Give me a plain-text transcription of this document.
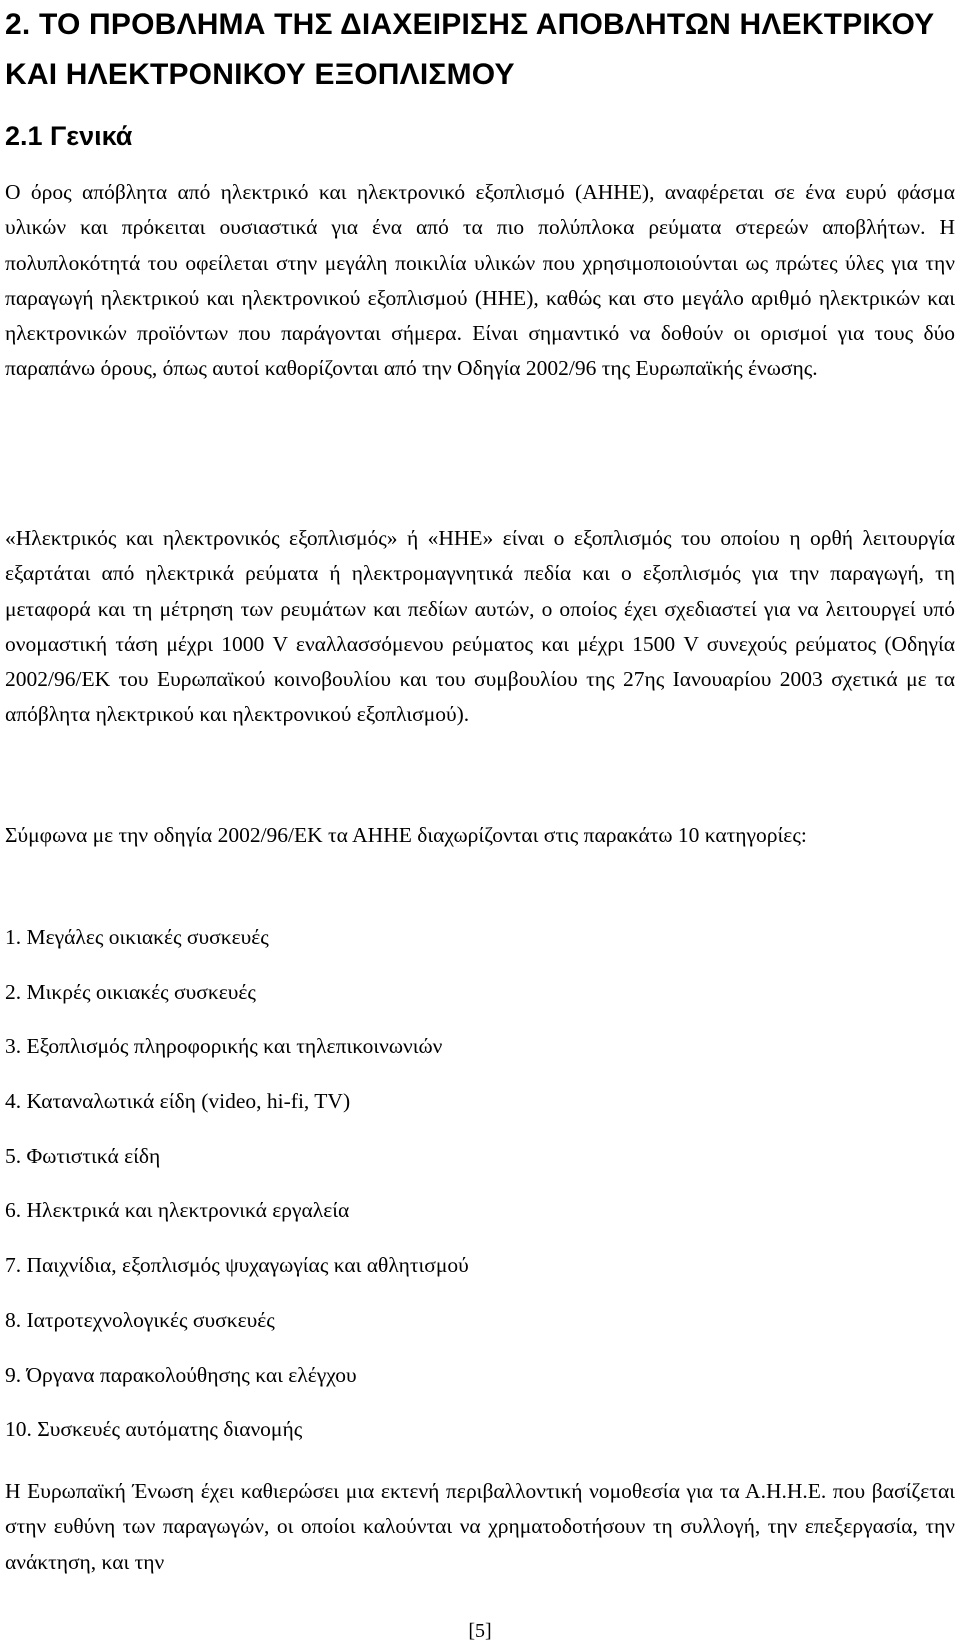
2. ΤΟ ΠΡΟΒΛΗΜΑ ΤΗΣ ΔΙΑΧΕΙΡΙΣΗΣ ΑΠΟΒΛΗΤΩΝ ΗΛΕΚΤΡΙΚΟΥ ΚΑΙ ΗΛΕΚΤΡΟΝΙΚΟΥ ΕΞΟΠΛΙΣΜΟΥ
2.1 Γενικά

Ο όρος απόβλητα από ηλεκτρικό και ηλεκτρονικό εξοπλισμό (ΑΗΗΕ), αναφέρεται σε ένα ευρύ φάσμα υλικών και πρόκειται ουσιαστικά για ένα από τα πιο πολύπλοκα ρεύματα στερεών αποβλήτων. Η πολυπλοκότητά του οφείλεται στην μεγάλη ποικιλία υλικών που χρησιμοποιούνται ως πρώτες ύλες για την παραγωγή ηλεκτρικού και ηλεκτρονικού εξοπλισμού (ΗΗΕ), καθώς και στο μεγάλο αριθμό ηλεκτρικών και ηλεκτρονικών προϊόντων που παράγονται σήμερα. Είναι σημαντικό να δοθούν οι ορισμοί για τους δύο παραπάνω όρους, όπως αυτοί καθορίζονται από την Οδηγία 2002/96 της Ευρωπαϊκής ένωσης.

«Ηλεκτρικός και ηλεκτρονικός εξοπλισμός» ή «ΗΗΕ» είναι ο εξοπλισμός του οποίου η ορθή λειτουργία εξαρτάται από ηλεκτρικά ρεύματα ή ηλεκτρομαγνητικά πεδία και ο εξοπλισμός για την παραγωγή, τη μεταφορά και τη μέτρηση των ρευμάτων και πεδίων αυτών, ο οποίος έχει σχεδιαστεί για να λειτουργεί υπό ονομαστική τάση μέχρι 1000 V εναλλασσόμενου ρεύματος και μέχρι 1500 V συνεχούς ρεύματος (Οδηγία 2002/96/ΕΚ του Ευρωπαϊκού κοινοβουλίου και του συμβουλίου της 27ης Ιανουαρίου 2003 σχετικά με τα απόβλητα ηλεκτρικού και ηλεκτρονικού εξοπλισμού).

Σύμφωνα με την οδηγία 2002/96/ΕΚ τα ΑΗΗΕ διαχωρίζονται στις παρακάτω 10 κατηγορίες:

1. Μεγάλες οικιακές συσκευές
2. Μικρές οικιακές συσκευές
3. Εξοπλισμός πληροφορικής και τηλεπικοινωνιών
4. Καταναλωτικά είδη (video, hi-fi, TV)
5. Φωτιστικά είδη
6. Ηλεκτρικά και ηλεκτρονικά εργαλεία
7. Παιχνίδια, εξοπλισμός ψυχαγωγίας και αθλητισμού
8. Ιατροτεχνολογικές συσκευές
9. Όργανα παρακολούθησης και ελέγχου
10. Συσκευές αυτόματης διανομής

Η Ευρωπαϊκή Ένωση έχει καθιερώσει μια εκτενή περιβαλλοντική νομοθεσία για τα Α.Η.Η.Ε. που βασίζεται στην ευθύνη των παραγωγών, οι οποίοι καλούνται να χρηματοδοτήσουν τη συλλογή, την επεξεργασία, την ανάκτηση, και την

[5]
